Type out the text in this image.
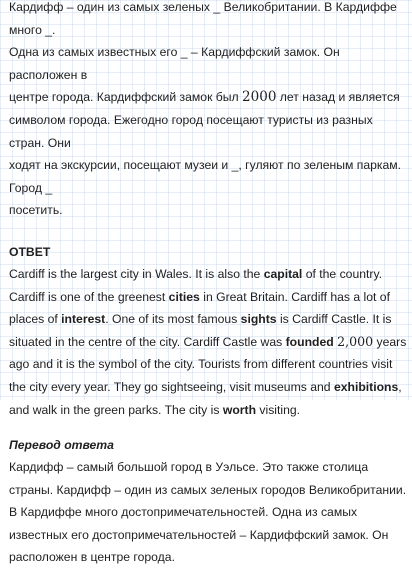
Кардифф – один из самых зеленых _ Великобритании. В Кардиффе много _.
Одна из самых известных его _ – Кардиффский замок. Он расположен в
центре города. Кардиффский замок был 2000 лет назад и является
символом города. Ежегодно город посещают туристы из разных стран. Они
ходят на экскурсии, посещают музеи и _, гуляют по зеленым паркам. Город _
посетить.
ОТВЕТ

Cardiff is the largest city in Wales. It is also the capital of the country. Cardiff is one of the greenest cities in Great Britain. Cardiff has a lot of places of interest. One of its most famous sights is Cardiff Castle. It is situated in the centre of the city. Cardiff Castle was founded 2,000 years ago and it is the symbol of the city. Tourists from different countries visit the city every year. They go sightseeing, visit museums and exhibitions, and walk in the green parks. The city is worth visiting.

Перевод ответа

Кардифф – самый большой город в Уэльсе. Это также столица страны. Кардифф – один из самых зеленых городов Великобритании. В Кардиффе много достопримечательностей. Одна из самых известных его достопримечательностей – Кардиффский замок. Он расположен в центре города.
